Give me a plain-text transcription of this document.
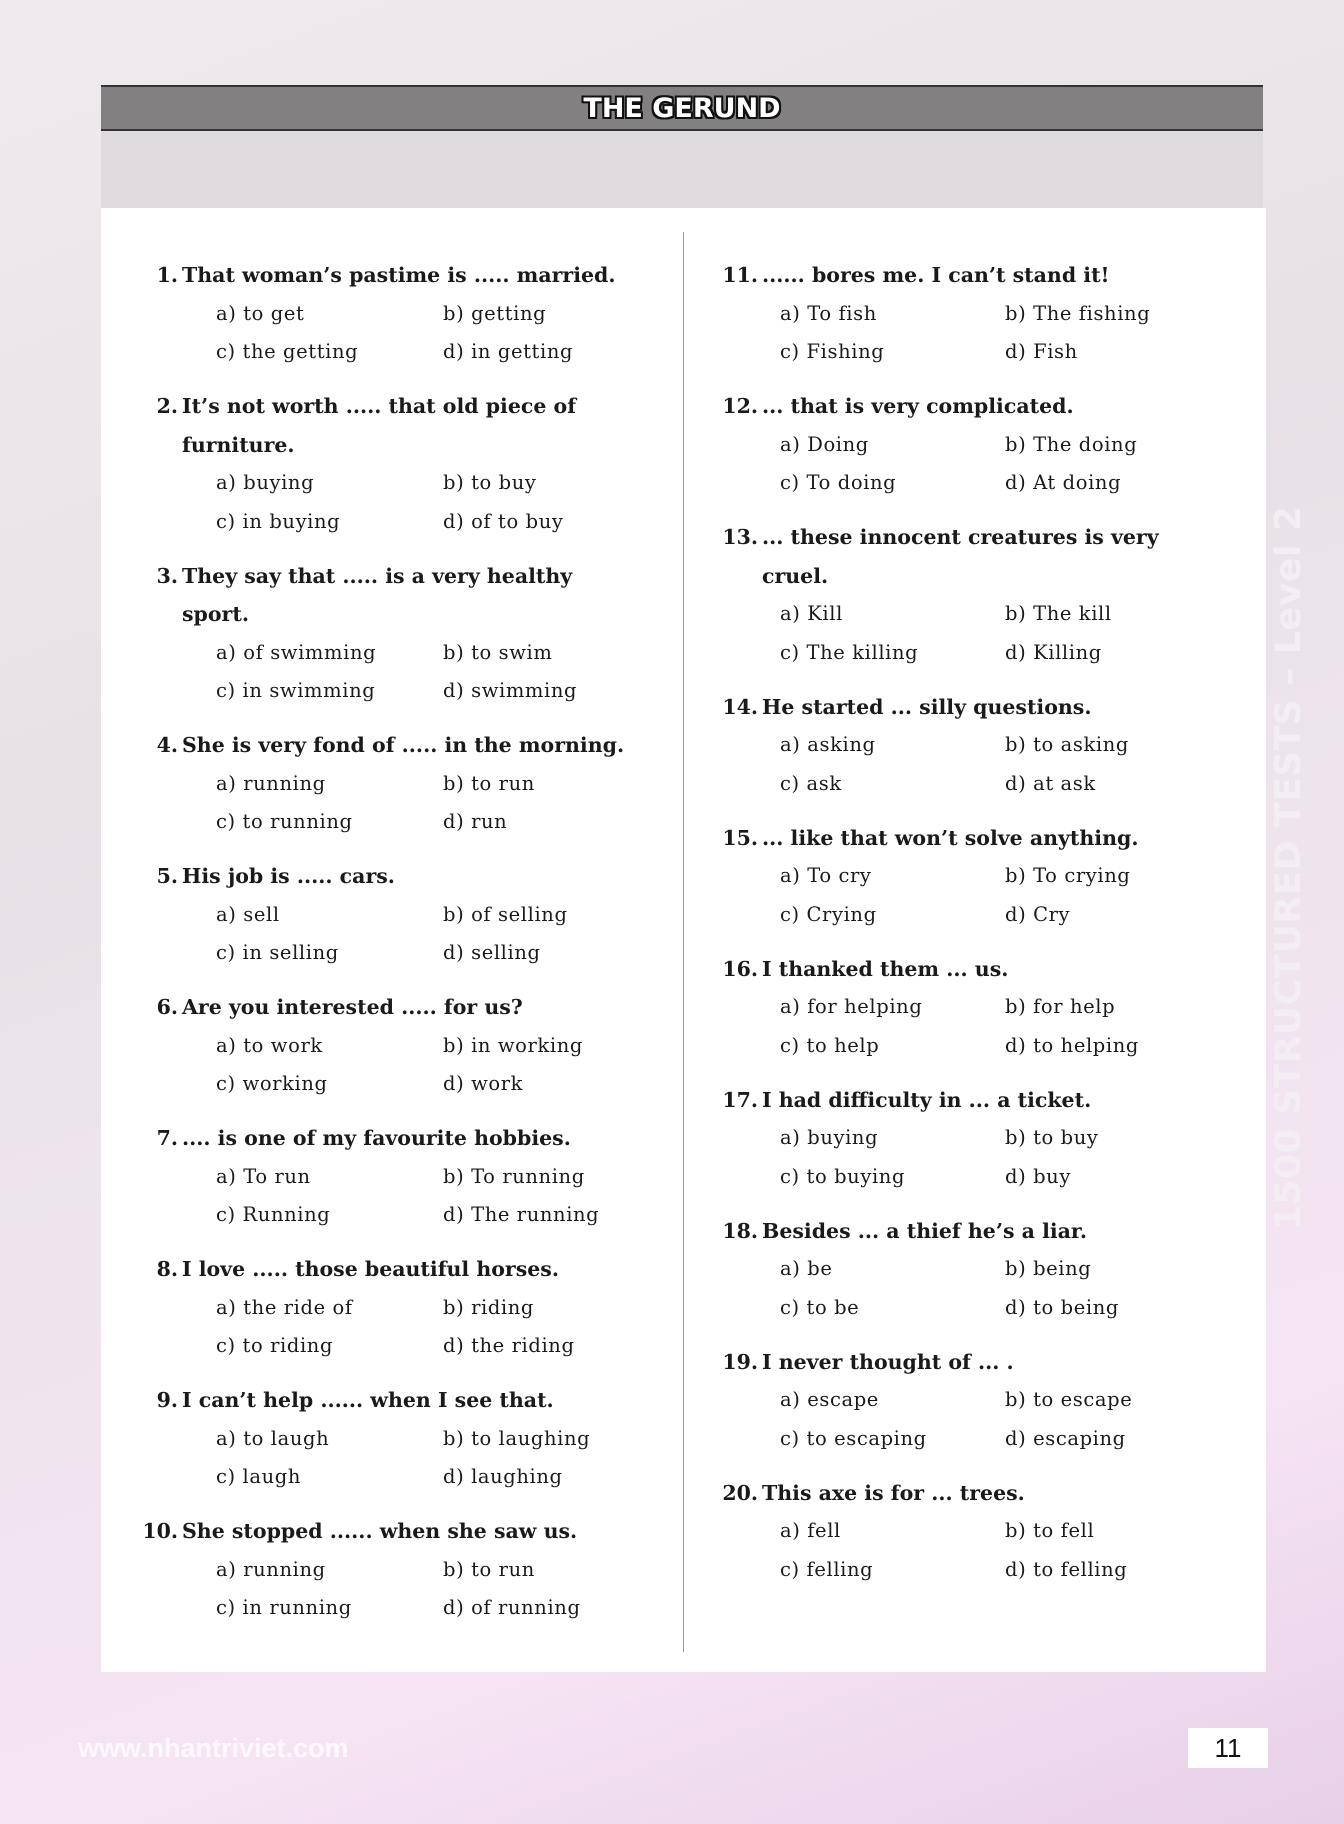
THE GERUND
1. That woman’s pastime is ..... married.
a) to get	b) getting
c) the getting	d) in getting
2. It’s not worth ..... that old piece of
furniture.
a) buying	b) to buy
c) in buying	d) of to buy
3. They say that ..... is a very healthy
sport.
a) of swimming	b) to swim
c) in swimming	d) swimming
4. She is very fond of ..... in the morning.
a) running	b) to run
c) to running	d) run
5. His job is ..... cars.
a) sell	b) of selling
c) in selling	d) selling
6. Are you interested ..... for us?
a) to work	b) in working
c) working	d) work
7. .... is one of my favourite hobbies.
a) To run	b) To running
c) Running	d) The running
8. I love ..... those beautiful horses.
a) the ride of	b) riding
c) to riding	d) the riding
9. I can’t help ...... when I see that.
a) to laugh	b) to laughing
c) laugh	d) laughing
10. She stopped ...... when she saw us.
a) running	b) to run
c) in running	d) of running
11. ...... bores me. I can’t stand it!
a) To fish	b) The fishing
c) Fishing	d) Fish
12. ... that is very complicated.
a) Doing	b) The doing
c) To doing	d) At doing
13. ... these innocent creatures is very
cruel.
a) Kill	b) The kill
c) The killing	d) Killing
14. He started ... silly questions.
a) asking	b) to asking
c) ask	d) at ask
15. ... like that won’t solve anything.
a) To cry	b) To crying
c) Crying	d) Cry
16. I thanked them ... us.
a) for helping	b) for help
c) to help	d) to helping
17. I had difficulty in ... a ticket.
a) buying	b) to buy
c) to buying	d) buy
18. Besides ... a thief he’s a liar.
a) be	b) being
c) to be	d) to being
19. I never thought of ... .
a) escape	b) to escape
c) to escaping	d) escaping
20. This axe is for ... trees.
a) fell	b) to fell
c) felling	d) to felling
1500 STRUCTURED TESTS – Level 2
www.nhantriviet.com	11
